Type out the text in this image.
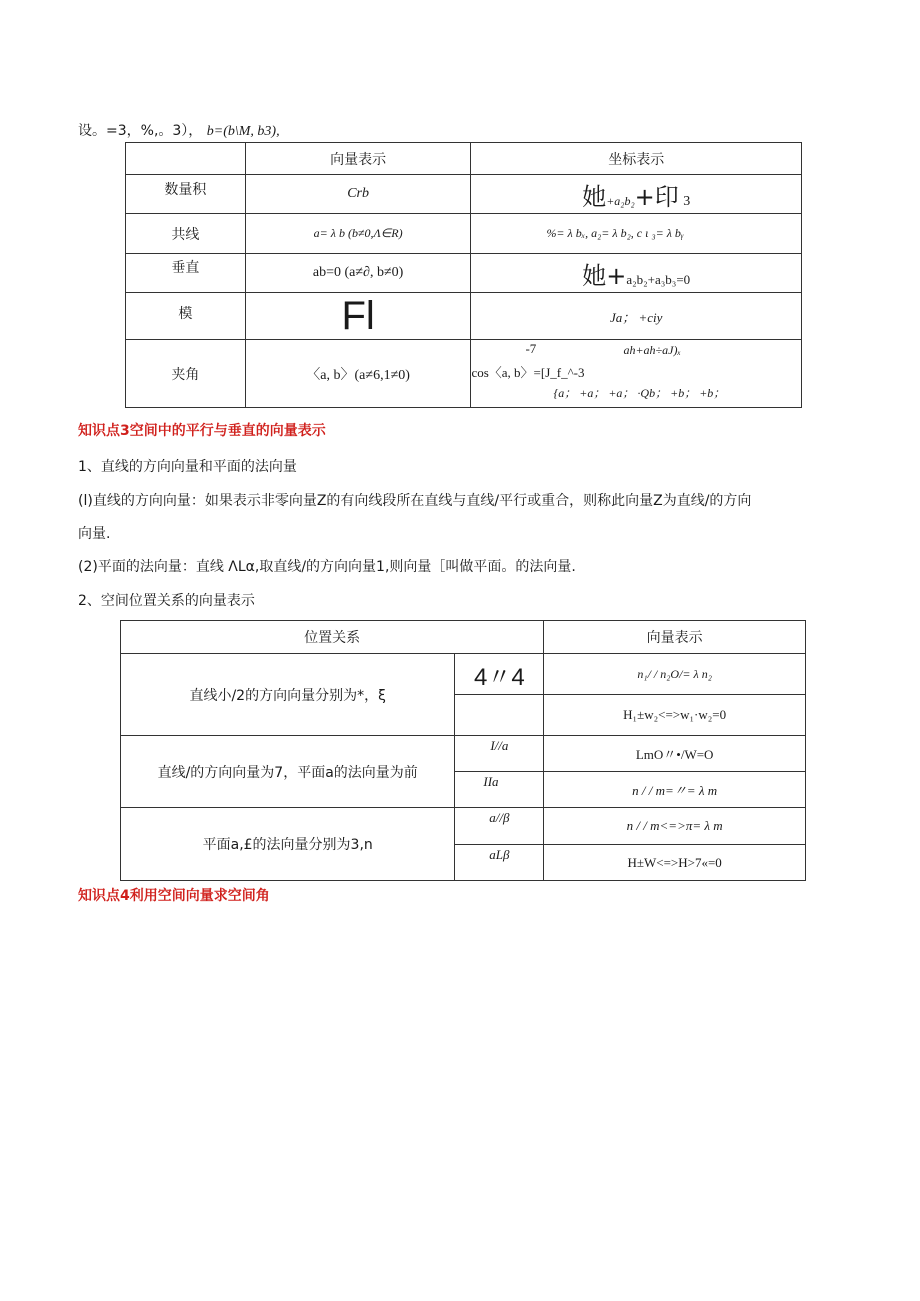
设。=3，%,。3）， b=(b\M, b3),
	向量表示	坐标表示
数量积	Crb	她+a₂b₂+印 3
共线	a= λ b (b≠0,Λ∈R)	%= λ bₓ, a₂= λ b₂, c ι ₃= λ bᵧ
垂直	ab=0 (a≠∂, b≠0)	她+a₂b₂+a₃b₃=0
模	Fl	Ja； +ciy
夹角	〈a, b〉(a≠6,1≠0)	-7 ah+ah÷aJ)ₓ
cos〈a, b〉=[J_f_^-3
{a； +a； +a； ·Qb； +b； +b；
知识点3空间中的平行与垂直的向量表示
1、直线的方向向量和平面的法向量
(l)直线的方向向量：如果表示非零向量Z的有向线段所在直线与直线/平行或重合，则称此向量Z为直线/的方向
向量.
(2)平面的法向量：直线 ΛLα,取直线/的方向向量1,则向量［叫做平面。的法向量.
2、空间位置关系的向量表示
位置关系		向量表示
直线小/2的方向向量分别为*，ξ	4〃4	n₁/ / n₂O/= λ n₂
		H₁±w₂<=>w₁·w₂=0
直线/的方向向量为7，平面a的法向量为前	I//a	LmO〃•/W=O
	IIa	n / / m=〃= λ m
平面a,£的法向量分别为3,n	a//β	n / / m<=>π= λ m
	aLβ	H±W<=>H>7«=0
知识点4利用空间向量求空间角
